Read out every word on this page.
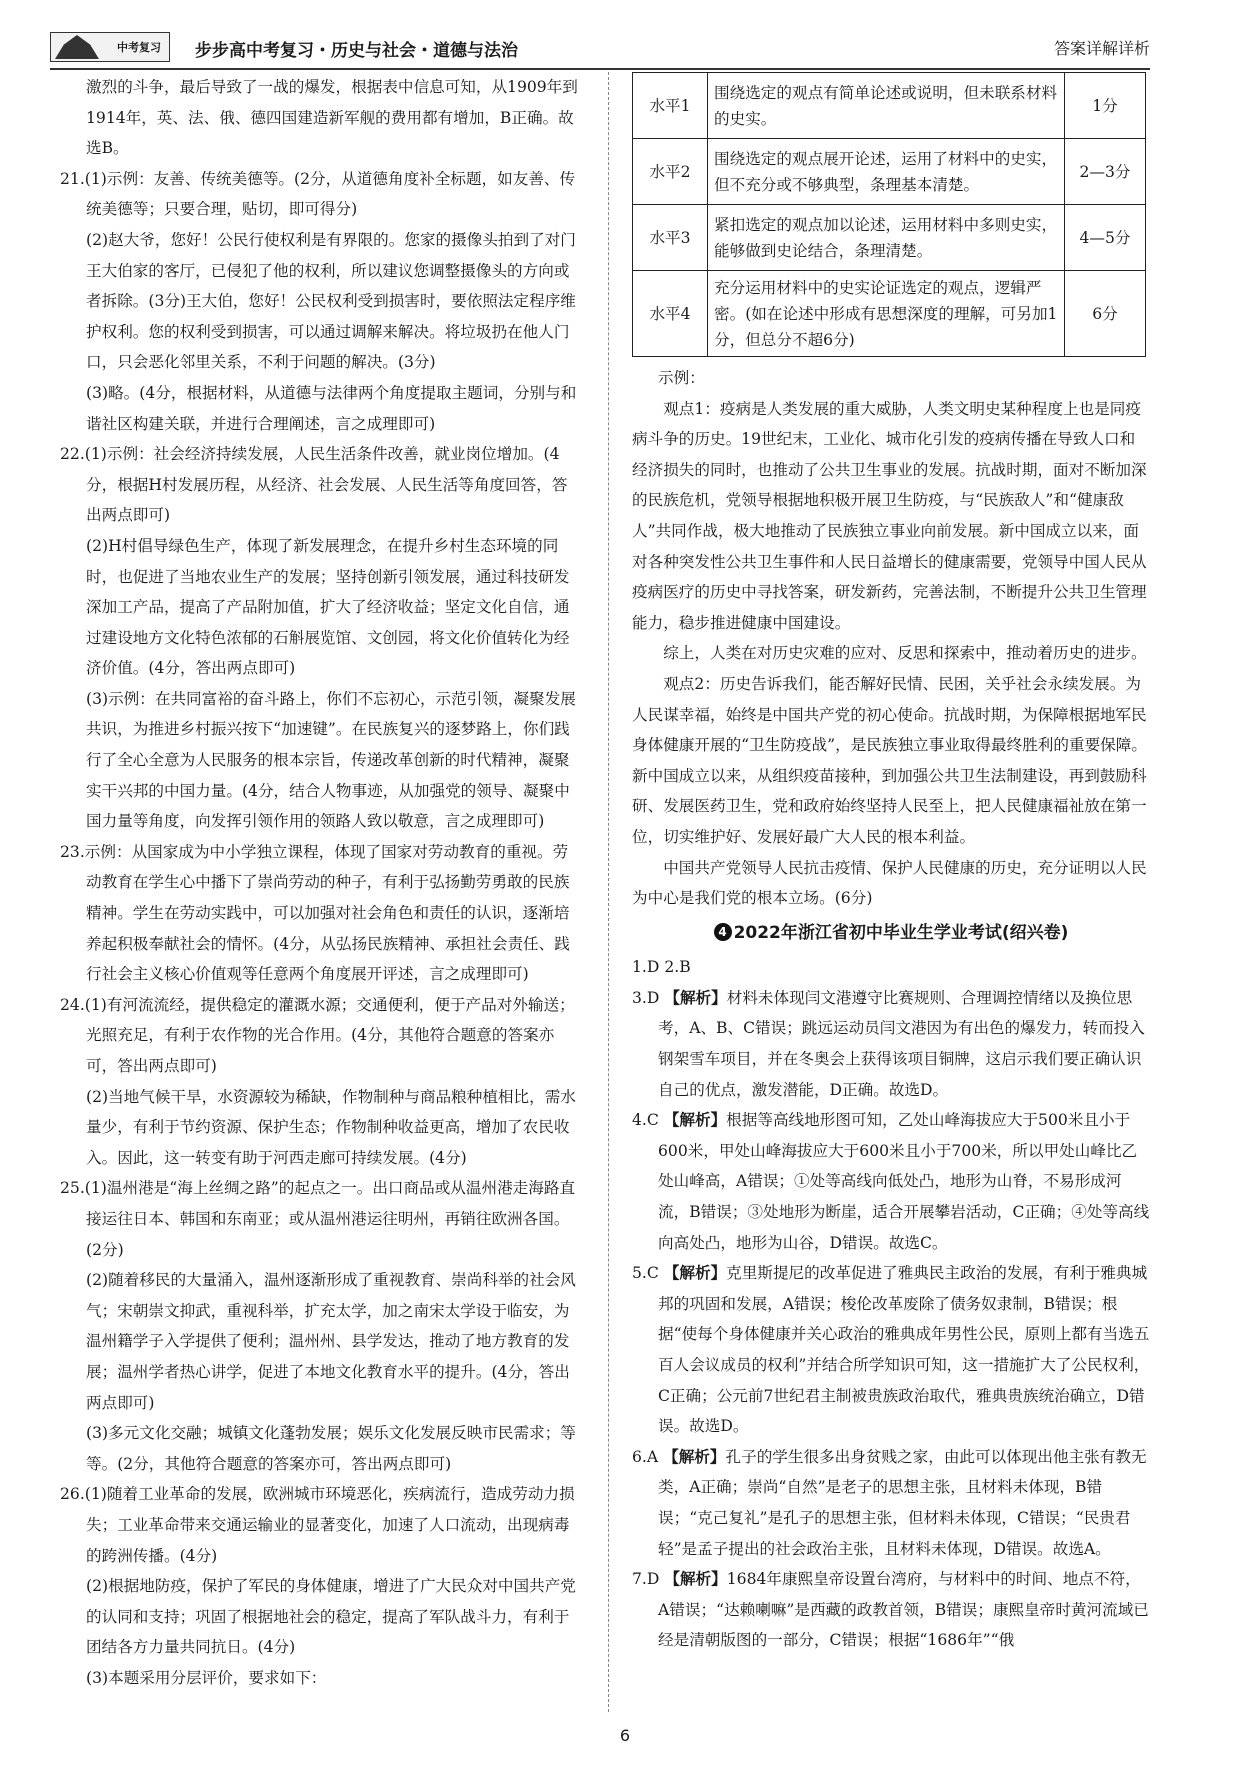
中考复习 步步高中考复习・历史与社会・道德与法治	答案详解详析

激烈的斗争，最后导致了一战的爆发，根据表中信息可知，从1909年到1914年，英、法、俄、德四国建造新军舰的费用都有增加，B正确。故选B。

21.(1)示例：友善、传统美德等。(2分，从道德角度补全标题，如友善、传统美德等；只要合理，贴切，即可得分)

(2)赵大爷，您好！公民行使权利是有界限的。您家的摄像头拍到了对门王大伯家的客厅，已侵犯了他的权利，所以建议您调整摄像头的方向或者拆除。(3分)王大伯，您好！公民权利受到损害时，要依照法定程序维护权利。您的权利受到损害，可以通过调解来解决。将垃圾扔在他人门口，只会恶化邻里关系，不利于问题的解决。(3分)

(3)略。(4分，根据材料，从道德与法律两个角度提取主题词，分别与和谐社区构建关联，并进行合理阐述，言之成理即可)

22.(1)示例：社会经济持续发展，人民生活条件改善，就业岗位增加。(4分，根据H村发展历程，从经济、社会发展、人民生活等角度回答，答出两点即可)

(2)H村倡导绿色生产，体现了新发展理念，在提升乡村生态环境的同时，也促进了当地农业生产的发展；坚持创新引领发展，通过科技研发深加工产品，提高了产品附加值，扩大了经济收益；坚定文化自信，通过建设地方文化特色浓郁的石斛展览馆、文创园，将文化价值转化为经济价值。(4分，答出两点即可)

(3)示例：在共同富裕的奋斗路上，你们不忘初心，示范引领，凝聚发展共识，为推进乡村振兴按下“加速键”。在民族复兴的逐梦路上，你们践行了全心全意为人民服务的根本宗旨，传递改革创新的时代精神，凝聚实干兴邦的中国力量。(4分，结合人物事迹，从加强党的领导、凝聚中国力量等角度，向发挥引领作用的领路人致以敬意，言之成理即可)

23.示例：从国家成为中小学独立课程，体现了国家对劳动教育的重视。劳动教育在学生心中播下了崇尚劳动的种子，有利于弘扬勤劳勇敢的民族精神。学生在劳动实践中，可以加强对社会角色和责任的认识，逐渐培养起积极奉献社会的情怀。(4分，从弘扬民族精神、承担社会责任、践行社会主义核心价值观等任意两个角度展开评述，言之成理即可)

24.(1)有河流流经，提供稳定的灌溉水源；交通便利，便于产品对外输送；光照充足，有利于农作物的光合作用。(4分，其他符合题意的答案亦可，答出两点即可)

(2)当地气候干旱，水资源较为稀缺，作物制种与商品粮种植相比，需水量少，有利于节约资源、保护生态；作物制种收益更高，增加了农民收入。因此，这一转变有助于河西走廊可持续发展。(4分)

25.(1)温州港是“海上丝绸之路”的起点之一。出口商品或从温州港走海路直接运往日本、韩国和东南亚；或从温州港运往明州，再销往欧洲各国。(2分)

(2)随着移民的大量涌入，温州逐渐形成了重视教育、崇尚科举的社会风气；宋朝崇文抑武，重视科举，扩充太学，加之南宋太学设于临安，为温州籍学子入学提供了便利；温州州、县学发达，推动了地方教育的发展；温州学者热心讲学，促进了本地文化教育水平的提升。(4分，答出两点即可)

(3)多元文化交融；城镇文化蓬勃发展；娱乐文化发展反映市民需求；等等。(2分，其他符合题意的答案亦可，答出两点即可)

26.(1)随着工业革命的发展，欧洲城市环境恶化，疾病流行，造成劳动力损失；工业革命带来交通运输业的显著变化，加速了人口流动，出现病毒的跨洲传播。(4分)

(2)根据地防疫，保护了军民的身体健康，增进了广大民众对中国共产党的认同和支持；巩固了根据地社会的稳定，提高了军队战斗力，有利于团结各方力量共同抗日。(4分)

(3)本题采用分层评价，要求如下：

水平1	围绕选定的观点有简单论述或说明，但未联系材料的史实。	1分
水平2	围绕选定的观点展开论述，运用了材料中的史实，但不充分或不够典型，条理基本清楚。	2—3分
水平3	紧扣选定的观点加以论述，运用材料中多则史实，能够做到史论结合，条理清楚。	4—5分
水平4	充分运用材料中的史实论证选定的观点，逻辑严密。(如在论述中形成有思想深度的理解，可另加1分，但总分不超6分)	6分

示例：

观点1：疫病是人类发展的重大威胁，人类文明史某种程度上也是同疫病斗争的历史。19世纪末，工业化、城市化引发的疫病传播在导致人口和经济损失的同时，也推动了公共卫生事业的发展。抗战时期，面对不断加深的民族危机，党领导根据地积极开展卫生防疫，与“民族敌人”和“健康敌人”共同作战，极大地推动了民族独立事业向前发展。新中国成立以来，面对各种突发性公共卫生事件和人民日益增长的健康需要，党领导中国人民从疫病医疗的历史中寻找答案，研发新药，完善法制，不断提升公共卫生管理能力，稳步推进健康中国建设。

综上，人类在对历史灾难的应对、反思和探索中，推动着历史的进步。

观点2：历史告诉我们，能否解好民情、民困，关乎社会永续发展。为人民谋幸福，始终是中国共产党的初心使命。抗战时期，为保障根据地军民身体健康开展的“卫生防疫战”，是民族独立事业取得最终胜利的重要保障。新中国成立以来，从组织疫苗接种，到加强公共卫生法制建设，再到鼓励科研、发展医药卫生，党和政府始终坚持人民至上，把人民健康福祉放在第一位，切实维护好、发展好最广大人民的根本利益。

中国共产党领导人民抗击疫情、保护人民健康的历史，充分证明以人民为中心是我们党的根本立场。(6分)

4 2022年浙江省初中毕业生学业考试(绍兴卷)

1.D 2.B

3.D 【解析】材料未体现闫文港遵守比赛规则、合理调控情绪以及换位思考，A、B、C错误；跳远运动员闫文港因为有出色的爆发力，转而投入钢架雪车项目，并在冬奥会上获得该项目铜牌，这启示我们要正确认识自己的优点，激发潜能，D正确。故选D。

4.C 【解析】根据等高线地形图可知，乙处山峰海拔应大于500米且小于600米，甲处山峰海拔应大于600米且小于700米，所以甲处山峰比乙处山峰高，A错误；①处等高线向低处凸，地形为山脊，不易形成河流，B错误；③处地形为断崖，适合开展攀岩活动，C正确；④处等高线向高处凸，地形为山谷，D错误。故选C。

5.C 【解析】克里斯提尼的改革促进了雅典民主政治的发展，有利于雅典城邦的巩固和发展，A错误；梭伦改革废除了债务奴隶制，B错误；根据“使每个身体健康并关心政治的雅典成年男性公民，原则上都有当选五百人会议成员的权利”并结合所学知识可知，这一措施扩大了公民权利，C正确；公元前7世纪君主制被贵族政治取代，雅典贵族统治确立，D错误。故选D。

6.A 【解析】孔子的学生很多出身贫贱之家，由此可以体现出他主张有教无类，A正确；崇尚“自然”是老子的思想主张，且材料未体现，B错误；“克己复礼”是孔子的思想主张，但材料未体现，C错误；“民贵君轻”是孟子提出的社会政治主张，且材料未体现，D错误。故选A。

7.D 【解析】1684年康熙皇帝设置台湾府，与材料中的时间、地点不符，A错误；“达赖喇嘛”是西藏的政教首领，B错误；康熙皇帝时黄河流域已经是清朝版图的一部分，C错误；根据“1686年”“俄

6
